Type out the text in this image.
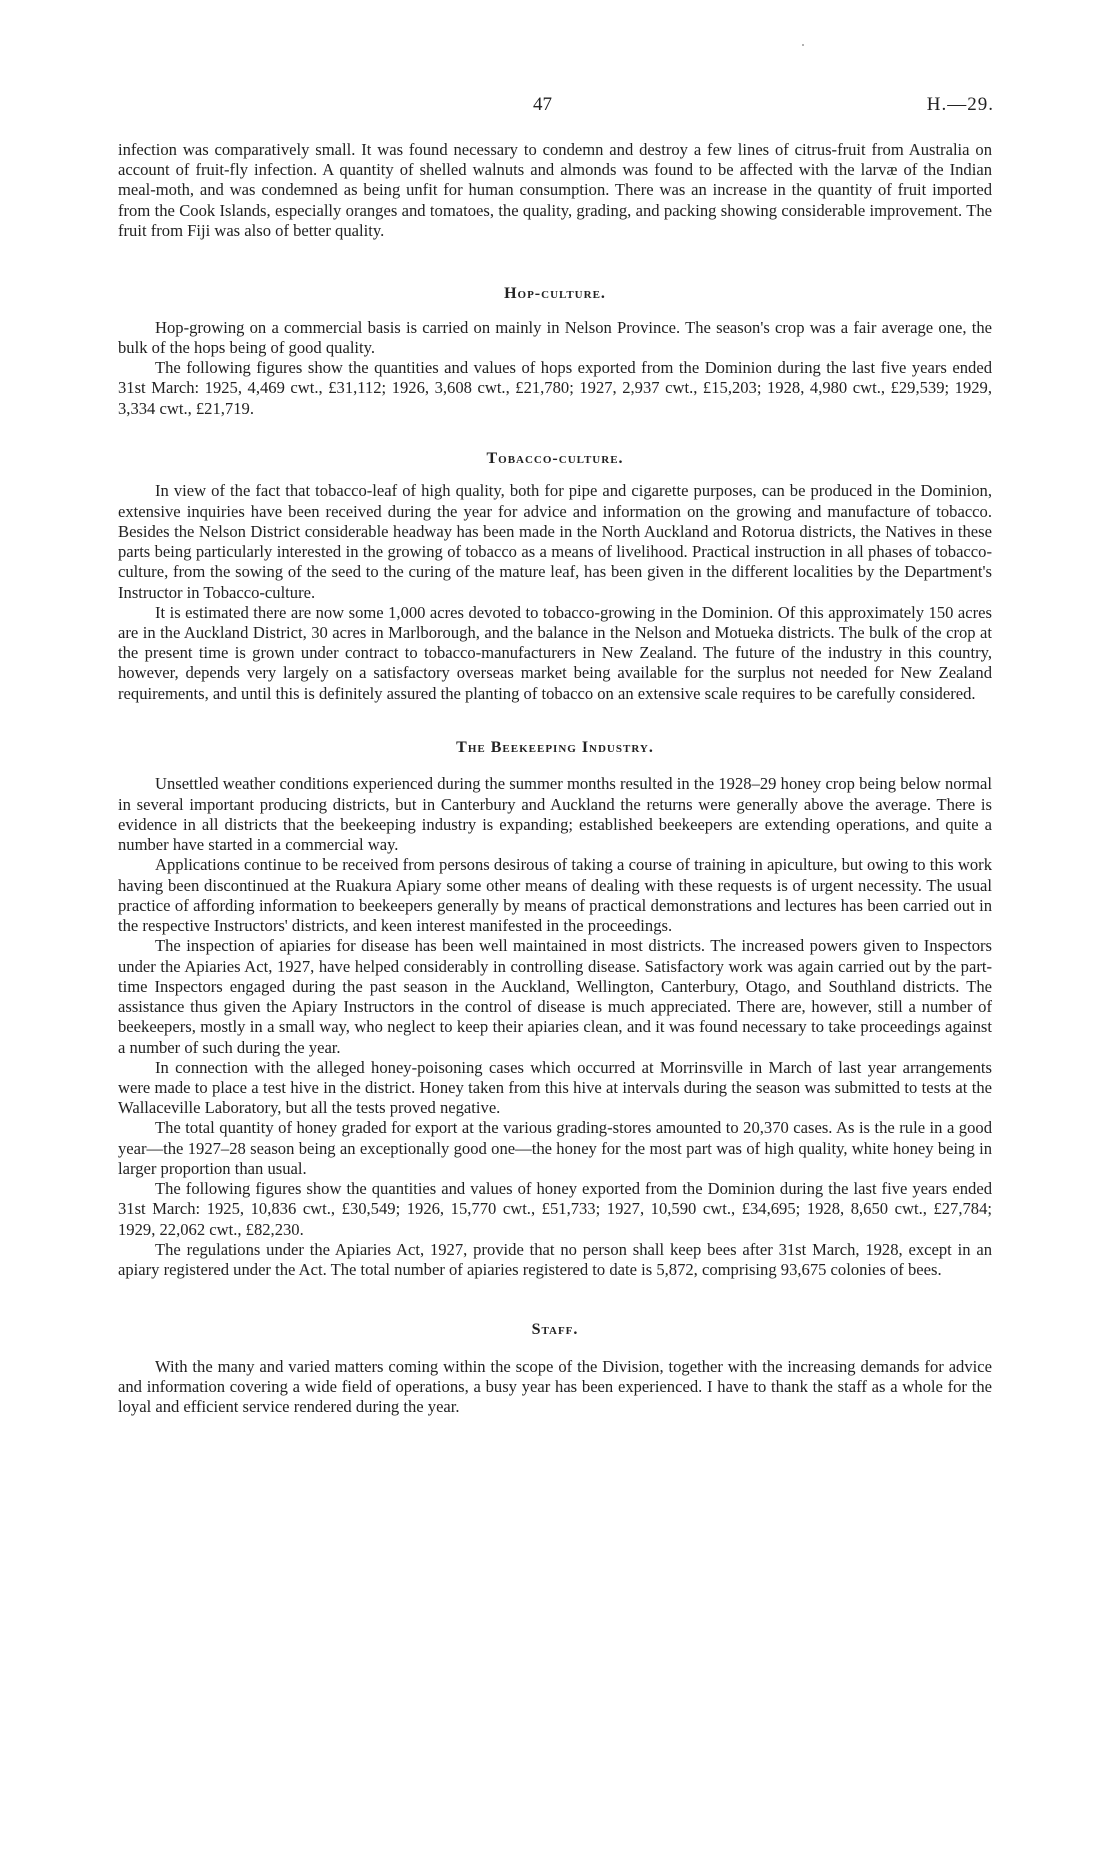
47	H.—29.

infection was comparatively small. It was found necessary to condemn and destroy a few lines of citrus-fruit from Australia on account of fruit-fly infection. A quantity of shelled walnuts and almonds was found to be affected with the larvæ of the Indian meal-moth, and was condemned as being unfit for human consumption. There was an increase in the quantity of fruit imported from the Cook Islands, especially oranges and tomatoes, the quality, grading, and packing showing considerable improvement. The fruit from Fiji was also of better quality.

Hop-culture.

Hop-growing on a commercial basis is carried on mainly in Nelson Province. The season's crop was a fair average one, the bulk of the hops being of good quality.

The following figures show the quantities and values of hops exported from the Dominion during the last five years ended 31st March: 1925, 4,469 cwt., £31,112; 1926, 3,608 cwt., £21,780; 1927, 2,937 cwt., £15,203; 1928, 4,980 cwt., £29,539; 1929, 3,334 cwt., £21,719.

Tobacco-culture.

In view of the fact that tobacco-leaf of high quality, both for pipe and cigarette purposes, can be produced in the Dominion, extensive inquiries have been received during the year for advice and information on the growing and manufacture of tobacco. Besides the Nelson District considerable headway has been made in the North Auckland and Rotorua districts, the Natives in these parts being particularly interested in the growing of tobacco as a means of livelihood. Practical instruction in all phases of tobacco-culture, from the sowing of the seed to the curing of the mature leaf, has been given in the different localities by the Department's Instructor in Tobacco-culture.

It is estimated there are now some 1,000 acres devoted to tobacco-growing in the Dominion. Of this approximately 150 acres are in the Auckland District, 30 acres in Marlborough, and the balance in the Nelson and Motueka districts. The bulk of the crop at the present time is grown under contract to tobacco-manufacturers in New Zealand. The future of the industry in this country, however, depends very largely on a satisfactory overseas market being available for the surplus not needed for New Zealand requirements, and until this is definitely assured the planting of tobacco on an extensive scale requires to be carefully considered.

The Beekeeping Industry.

Unsettled weather conditions experienced during the summer months resulted in the 1928–29 honey crop being below normal in several important producing districts, but in Canterbury and Auckland the returns were generally above the average. There is evidence in all districts that the beekeeping industry is expanding; established beekeepers are extending operations, and quite a number have started in a commercial way.

Applications continue to be received from persons desirous of taking a course of training in apiculture, but owing to this work having been discontinued at the Ruakura Apiary some other means of dealing with these requests is of urgent necessity. The usual practice of affording information to beekeepers generally by means of practical demonstrations and lectures has been carried out in the respective Instructors' districts, and keen interest manifested in the proceedings.

The inspection of apiaries for disease has been well maintained in most districts. The increased powers given to Inspectors under the Apiaries Act, 1927, have helped considerably in controlling disease. Satisfactory work was again carried out by the part-time Inspectors engaged during the past season in the Auckland, Wellington, Canterbury, Otago, and Southland districts. The assistance thus given the Apiary Instructors in the control of disease is much appreciated. There are, however, still a number of beekeepers, mostly in a small way, who neglect to keep their apiaries clean, and it was found necessary to take proceedings against a number of such during the year.

In connection with the alleged honey-poisoning cases which occurred at Morrinsville in March of last year arrangements were made to place a test hive in the district. Honey taken from this hive at intervals during the season was submitted to tests at the Wallaceville Laboratory, but all the tests proved negative.

The total quantity of honey graded for export at the various grading-stores amounted to 20,370 cases. As is the rule in a good year—the 1927–28 season being an exceptionally good one—the honey for the most part was of high quality, white honey being in larger proportion than usual.

The following figures show the quantities and values of honey exported from the Dominion during the last five years ended 31st March: 1925, 10,836 cwt., £30,549; 1926, 15,770 cwt., £51,733; 1927, 10,590 cwt., £34,695; 1928, 8,650 cwt., £27,784; 1929, 22,062 cwt., £82,230.

The regulations under the Apiaries Act, 1927, provide that no person shall keep bees after 31st March, 1928, except in an apiary registered under the Act. The total number of apiaries registered to date is 5,872, comprising 93,675 colonies of bees.

Staff.

With the many and varied matters coming within the scope of the Division, together with the increasing demands for advice and information covering a wide field of operations, a busy year has been experienced. I have to thank the staff as a whole for the loyal and efficient service rendered during the year.
